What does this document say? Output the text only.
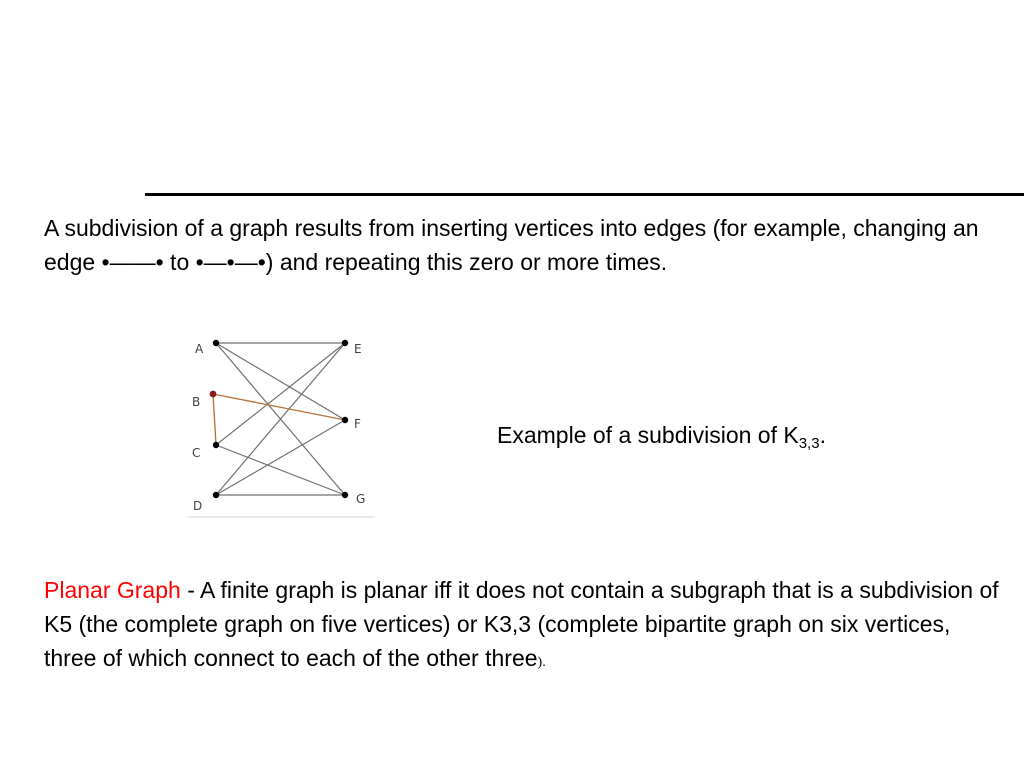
A subdivision of a graph results from inserting vertices into edges (for example, changing an edge •——• to •—•—•) and repeating this zero or more times.

A
B
C
D
E
F
G
Example of a subdivision of $K_{3,3}$.

Planar Graph - A finite graph is planar iff it does not contain a subgraph that is a subdivision of K5 (the complete graph on five vertices) or K3,3 (complete bipartite graph on six vertices, three of which connect to each of the other three).
